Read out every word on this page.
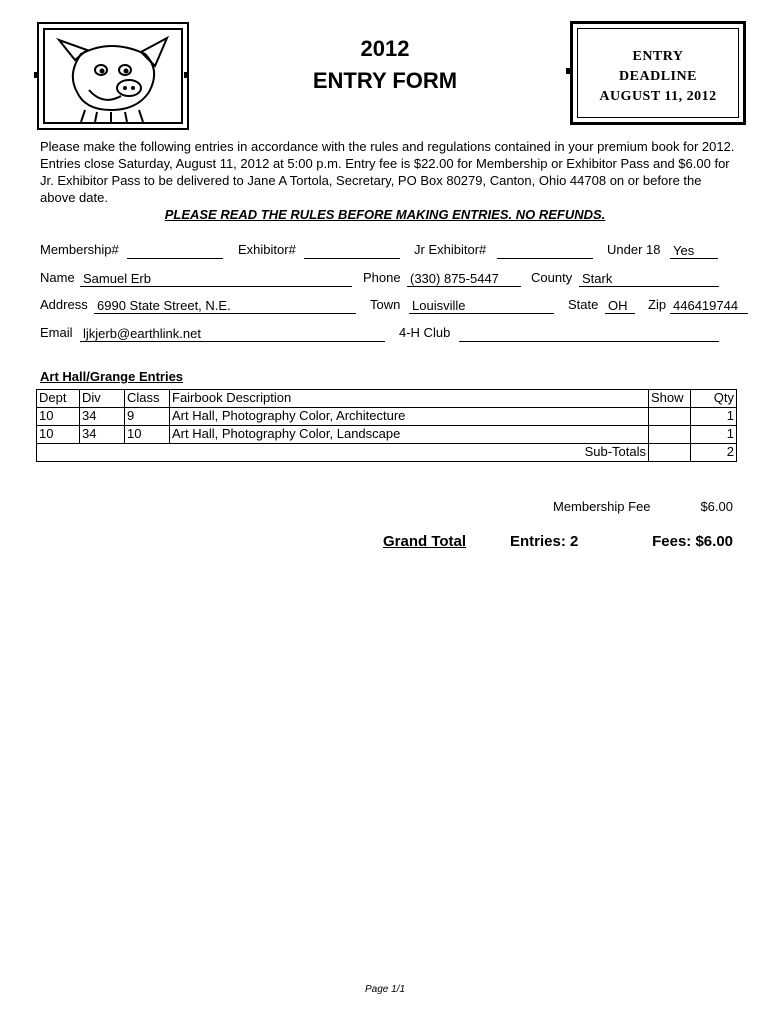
2012
ENTRY FORM
ENTRY
DEADLINE
AUGUST 11, 2012
Please make the following entries in accordance with the rules and regulations contained in your premium book for 2012. Entries close Saturday, August 11, 2012 at 5:00 p.m. Entry fee is $22.00 for Membership or Exhibitor Pass and $6.00 for Jr. Exhibitor Pass to be delivered to Jane A Tortola, Secretary, PO Box 80279, Canton, Ohio 44708 on or before the above date.
PLEASE READ THE RULES BEFORE MAKING ENTRIES. NO REFUNDS.
Membership#	Exhibitor#	Jr Exhibitor#	Under 18 Yes
Name Samuel Erb	Phone (330) 875-5447	County Stark
Address 6990 State Street, N.E.	Town Louisville	State OH	Zip 446419744
Email ljkjerb@earthlink.net	4-H Club
Art Hall/Grange Entries
Dept	Div	Class	Fairbook Description	Show	Qty
10	34	9	Art Hall, Photography Color, Architecture		1
10	34	10	Art Hall, Photography Color, Landscape		1
Sub-Totals					2
Membership Fee	$6.00
Grand Total	Entries: 2	Fees: $6.00
Page 1/1
